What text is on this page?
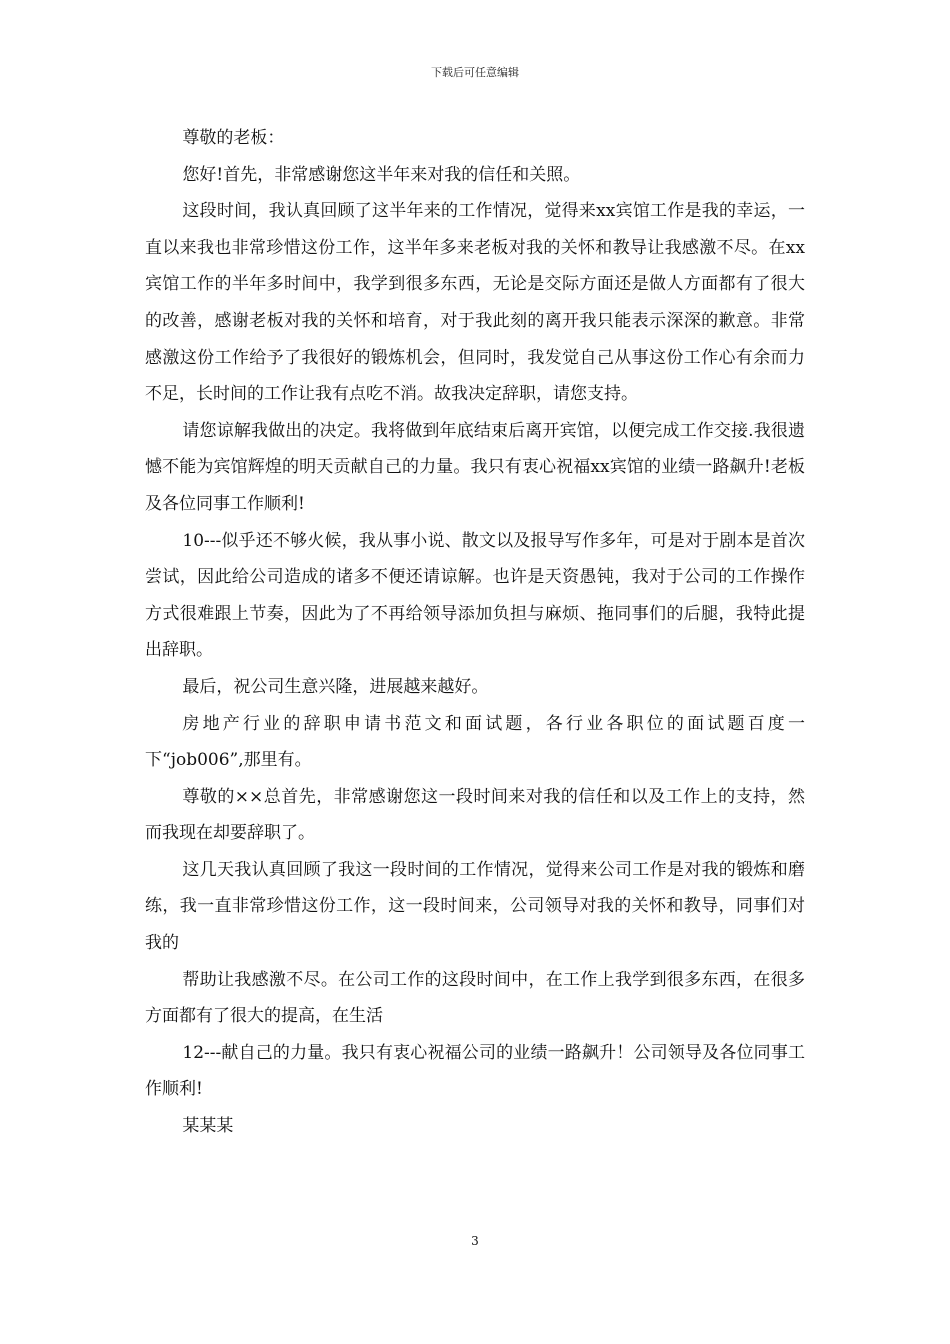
下载后可任意编辑

尊敬的老板：

您好!首先，非常感谢您这半年来对我的信任和关照。

这段时间，我认真回顾了这半年来的工作情况，觉得来xx宾馆工作是我的幸运，一直以来我也非常珍惜这份工作，这半年多来老板对我的关怀和教导让我感激不尽。在xx宾馆工作的半年多时间中，我学到很多东西，无论是交际方面还是做人方面都有了很大的改善，感谢老板对我的关怀和培育，对于我此刻的离开我只能表示深深的歉意。非常感激这份工作给予了我很好的锻炼机会，但同时，我发觉自己从事这份工作心有余而力不足，长时间的工作让我有点吃不消。故我决定辞职，请您支持。

请您谅解我做出的决定。我将做到年底结束后离开宾馆，以便完成工作交接.我很遗憾不能为宾馆辉煌的明天贡献自己的力量。我只有衷心祝福xx宾馆的业绩一路飙升!老板及各位同事工作顺利!

10---似乎还不够火候，我从事小说、散文以及报导写作多年，可是对于剧本是首次尝试，因此给公司造成的诸多不便还请谅解。也许是天资愚钝，我对于公司的工作操作方式很难跟上节奏，因此为了不再给领导添加负担与麻烦、拖同事们的后腿，我特此提出辞职。

最后，祝公司生意兴隆，进展越来越好。

房地产行业的辞职申请书范文和面试题，各行业各职位的面试题百度一下“job006”,那里有。

尊敬的××总首先，非常感谢您这一段时间来对我的信任和以及工作上的支持，然而我现在却要辞职了。

这几天我认真回顾了我这一段时间的工作情况，觉得来公司工作是对我的锻炼和磨练，我一直非常珍惜这份工作，这一段时间来，公司领导对我的关怀和教导，同事们对我的

帮助让我感激不尽。在公司工作的这段时间中，在工作上我学到很多东西，在很多方面都有了很大的提高，在生活

12---献自己的力量。我只有衷心祝福公司的业绩一路飙升！公司领导及各位同事工作顺利!

某某某

3
